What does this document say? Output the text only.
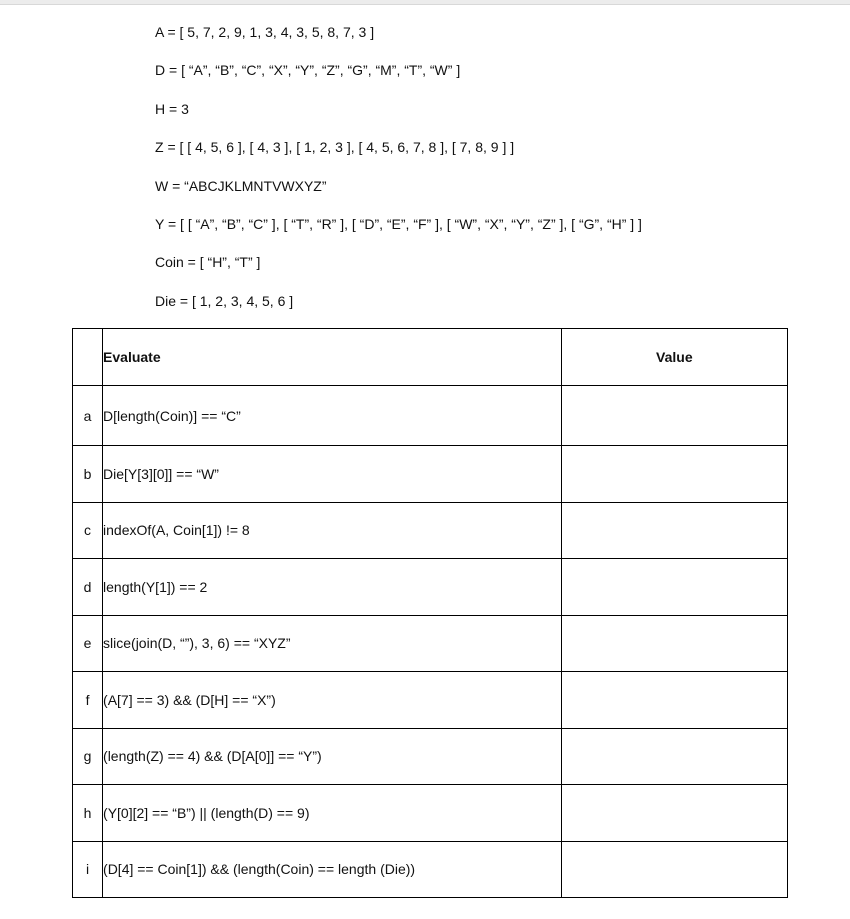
A = [ 5, 7, 2, 9, 1, 3, 4, 3, 5, 8, 7, 3 ]
D = [ “A”, “B”, “C”, “X”, “Y”, “Z”, “G”, “M”, “T”, “W” ]
H = 3
Z = [ [ 4, 5, 6 ], [ 4, 3 ], [ 1, 2, 3 ], [ 4, 5, 6, 7, 8 ], [ 7, 8, 9 ] ]
W = “ABCJKLMNTVWXYZ”
Y = [ [ “A”, “B”, “C” ], [ “T”, “R” ], [ “D”, “E”, “F” ], [ “W”, “X”, “Y”, “Z” ], [ “G”, “H” ] ]
Coin = [ “H”, “T” ]
Die = [ 1, 2, 3, 4, 5, 6 ]
	Evaluate	Value
a	D[length(Coin)] == “C”	
b	Die[Y[3][0]] == “W”	
c	indexOf(A, Coin[1]) != 8	
d	length(Y[1]) == 2	
e	slice(join(D, “”), 3, 6) == “XYZ”	
f	(A[7] == 3) && (D[H] == “X”)	
g	(length(Z) == 4) && (D[A[0]] == “Y”)	
h	(Y[0][2] == “B”) || (length(D) == 9)	
i	(D[4] == Coin[1]) && (length(Coin) == length (Die))	
